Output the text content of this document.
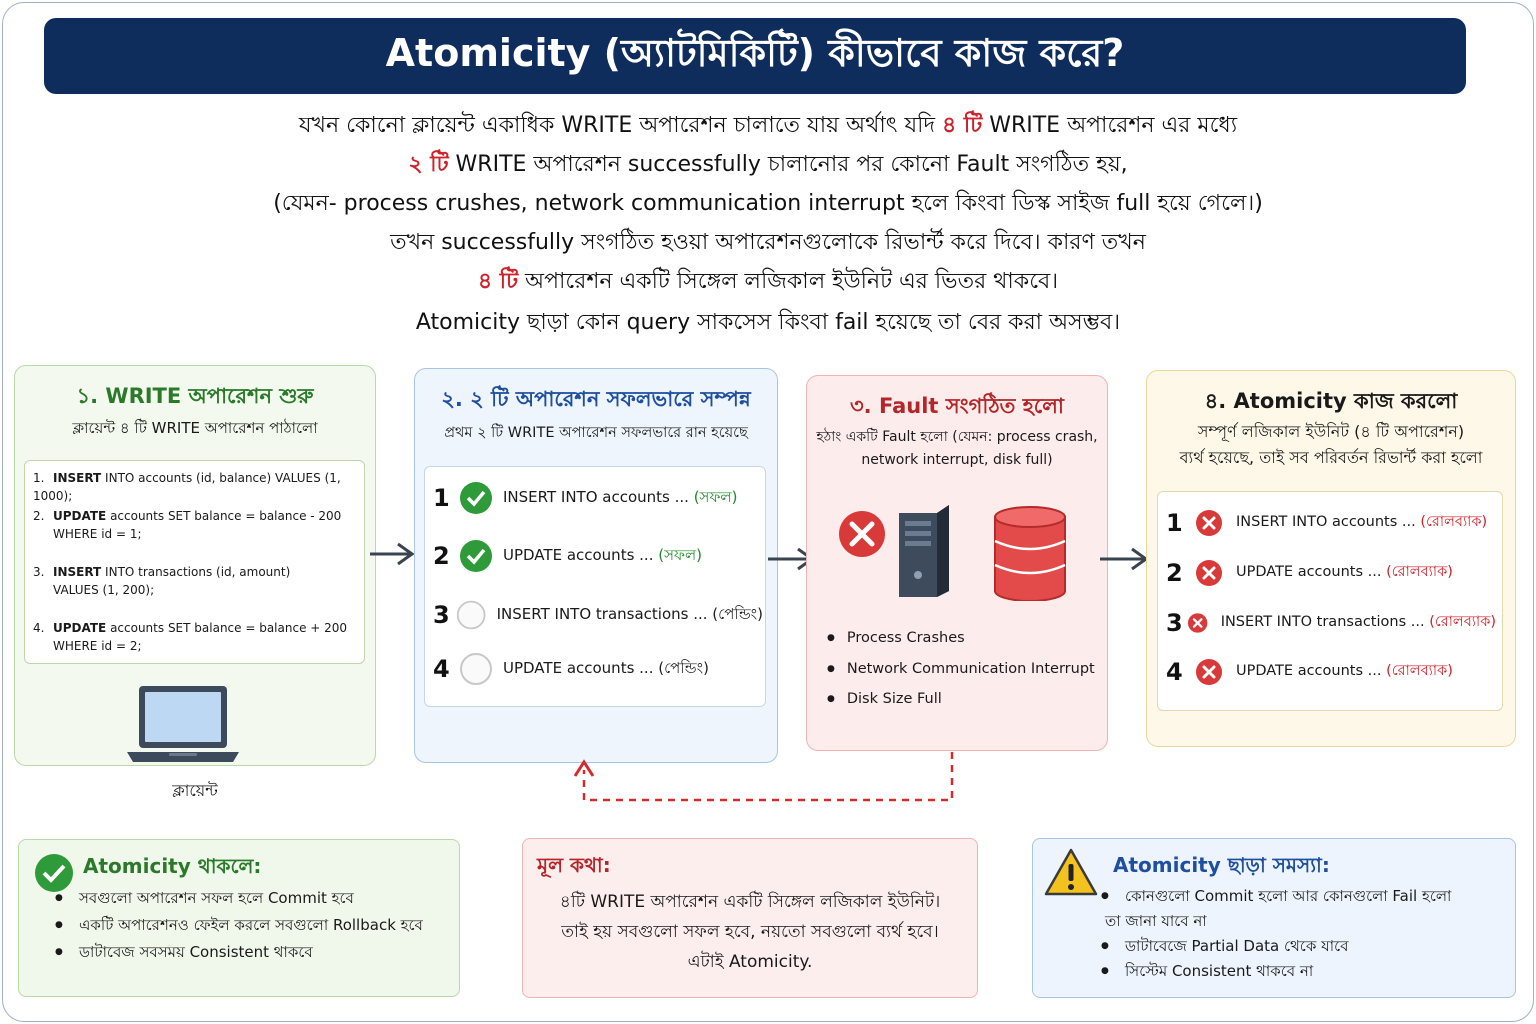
Atomicity (অ্যাটমিকিটি) কীভাবে কাজ করে?
যখন কোনো ক্লায়েন্ট একাধিক WRITE অপারেশন চালাতে যায় অর্থাৎ যদি ৪ টি WRITE অপারেশন এর মধ্যে
২ টি WRITE অপারেশন successfully চালানোর পর কোনো Fault সংগঠিত হয়,
(যেমন- process crushes, network communication interrupt হলে কিংবা ডিস্ক সাইজ full হয়ে গেলে।)
তখন successfully সংগঠিত হওয়া অপারেশনগুলোকে রিভার্ন্ট করে দিবে। কারণ তখন
৪ টি অপারেশন একটি সিঙ্গেল লজিকাল ইউনিট এর ভিতর থাকবে।
Atomicity ছাড়া কোন query সাকসেস কিংবা fail হয়েছে তা বের করা অসম্ভব।
১. WRITE অপারেশন শুরু
ক্লায়েন্ট ৪ টি WRITE অপারেশন পাঠালো
1. INSERT INTO accounts (id, balance) VALUES (1, 1000);
2. UPDATE accounts SET balance = balance - 200
WHERE id = 1;
3. INSERT INTO transactions (id, amount)
VALUES (1, 200);
4. UPDATE accounts SET balance = balance + 200
WHERE id = 2;
ক্লায়েন্ট
২. ২ টি অপারেশন সফলভারে সম্পন্ন
প্রথম ২ টি WRITE অপারেশন সফলভারে রান হয়েছে
1	INSERT INTO accounts ... (সফল)
2	UPDATE accounts ... (সফল)
3	INSERT INTO transactions ... (পেন্ডিং)
4	UPDATE accounts ... (পেন্ডিং)
৩. Fault সংগঠিত হলো
হঠাং একটি Fault হলো (যেমন: process crash,
network interrupt, disk full)
● Process Crashes
● Network Communication Interrupt
● Disk Size Full
৪. Atomicity কাজ করলো
সম্পূর্ণ লজিকাল ইউনিট (৪ টি অপারেশন)
ব্যর্থ হয়েছে, তাই সব পরিবর্তন রিভার্ন্ট করা হলো
1	INSERT INTO accounts ... (রোলব্যাক)
2	UPDATE accounts ... (রোলব্যাক)
3	INSERT INTO transactions ... (রোলব্যাক)
4	UPDATE accounts ... (রোলব্যাক)
Atomicity থাকলে:
● সবগুলো অপারেশন সফল হলে Commit হবে
● একটি অপারেশনও ফেইল করলে সবগুলো Rollback হবে
● ডাটাবেজ সবসময় Consistent থাকবে
মূল কথা:
৪টি WRITE অপারেশন একটি সিঙ্গেল লজিকাল ইউনিট।
তাই হয় সবগুলো সফল হবে, নয়তো সবগুলো ব্যর্থ হবে।
এটাই Atomicity.
Atomicity ছাড়া সমস্যা:
● কোনগুলো Commit হলো আর কোনগুলো Fail হলো
তা জানা যাবে না
● ডাটাবেজে Partial Data থেকে যাবে
● সিস্টেম Consistent থাকবে না
